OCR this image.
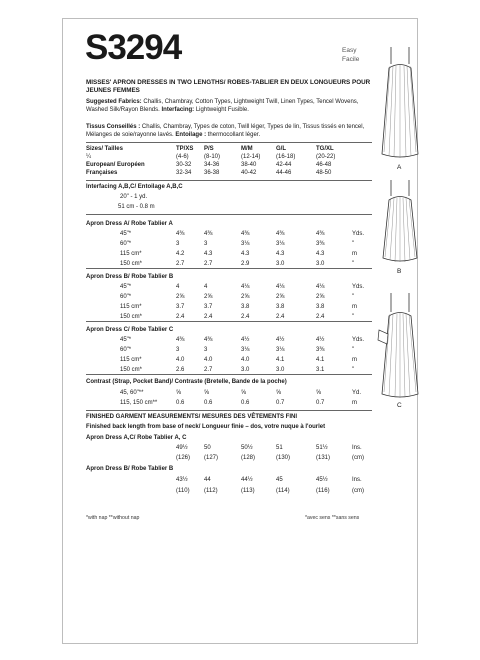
S3294	Easy
Facile
MISSES' APRON DRESSES IN TWO LENGTHS/ ROBES-TABLIER EN DEUX LONGUEURS POUR JEUNES FEMMES
Suggested Fabrics: Challis, Chambray, Cotton Types, Lightweight Twill, Linen Types, Tencel Wovens, Washed Silk/Rayon Blends. Interfacing: Lightweight Fusible.
Tissus Conseillés : Challis, Chambray, Types de coton, Twill léger, Types de lin, Tissus tissés en tencel, Mélanges de soie/rayonne lavés. Entoilage : thermocollant léger.
Sizes/ Tailles	TP/XS P/S	M/M	G/L	TG/XL
¼	(4-6)	(8-10)	(12-14)	(16-18)	(20-22)
European/ Européen	30-32 34-36	38-40	42-44	46-48
Françaises	32-34 36-38	40-42	44-46	48-50
Interfacing A,B,C/ Entoilage A,B,C
20" - 1 yd.
51 cm - 0.8 m
Apron Dress A/ Robe Tablier A
45"*	4⅜	4⅜	4⅜	4⅜	4⅜	Yds.
60"*	3	3	3⅛	3⅛	3⅜	"
115 cm*	4.2	4.3	4.3	4.3	4.3	m
150 cm*	2.7	2.7	2.9	3.0	3.0	"
Apron Dress B/ Robe Tablier B
45"*	4	4	4⅛	4⅛	4⅛	Yds.
60"*	2⅝	2⅝	2⅝	2⅝	2⅝	"
115 cm*	3.7	3.7	3.8	3.8	3.8	m
150 cm*	2.4	2.4	2.4	2.4	2.4	"
Apron Dress C/ Robe Tablier C
45"*	4⅜	4⅜	4½	4½	4½	Yds.
60"*	3	3	3⅛	3⅛	3⅜	"
115 cm*	4.0	4.0	4.0	4.1	4.1	m
150 cm*	2.6	2.7	3.0	3.0	3.1	"
Contrast (Strap, Pocket Band)/ Contraste (Bretelle, Bande de la poche)
45, 60"**	⅝	⅝	⅝	⅝	⅝	Yd.
115, 150 cm**	0.6	0.6	0.6	0.7	0.7	m
FINISHED GARMENT MEASUREMENTS/ MESURES DES VÊTEMENTS FINI
Finished back length from base of neck/ Longueur finie – dos, votre nuque à l'ourlet
Apron Dress A,C/ Robe Tablier A, C
49½	50	50½	51	51½	Ins.
(126) (127)	(128)	(130)	(131)	(cm)
Apron Dress B/ Robe Tablier B
43½	44	44½	45	45½	Ins.
(110) (112)	(113)	(114)	(116)	(cm)
*with nap **without nap	*avec sens **sans sens
A
B
C
